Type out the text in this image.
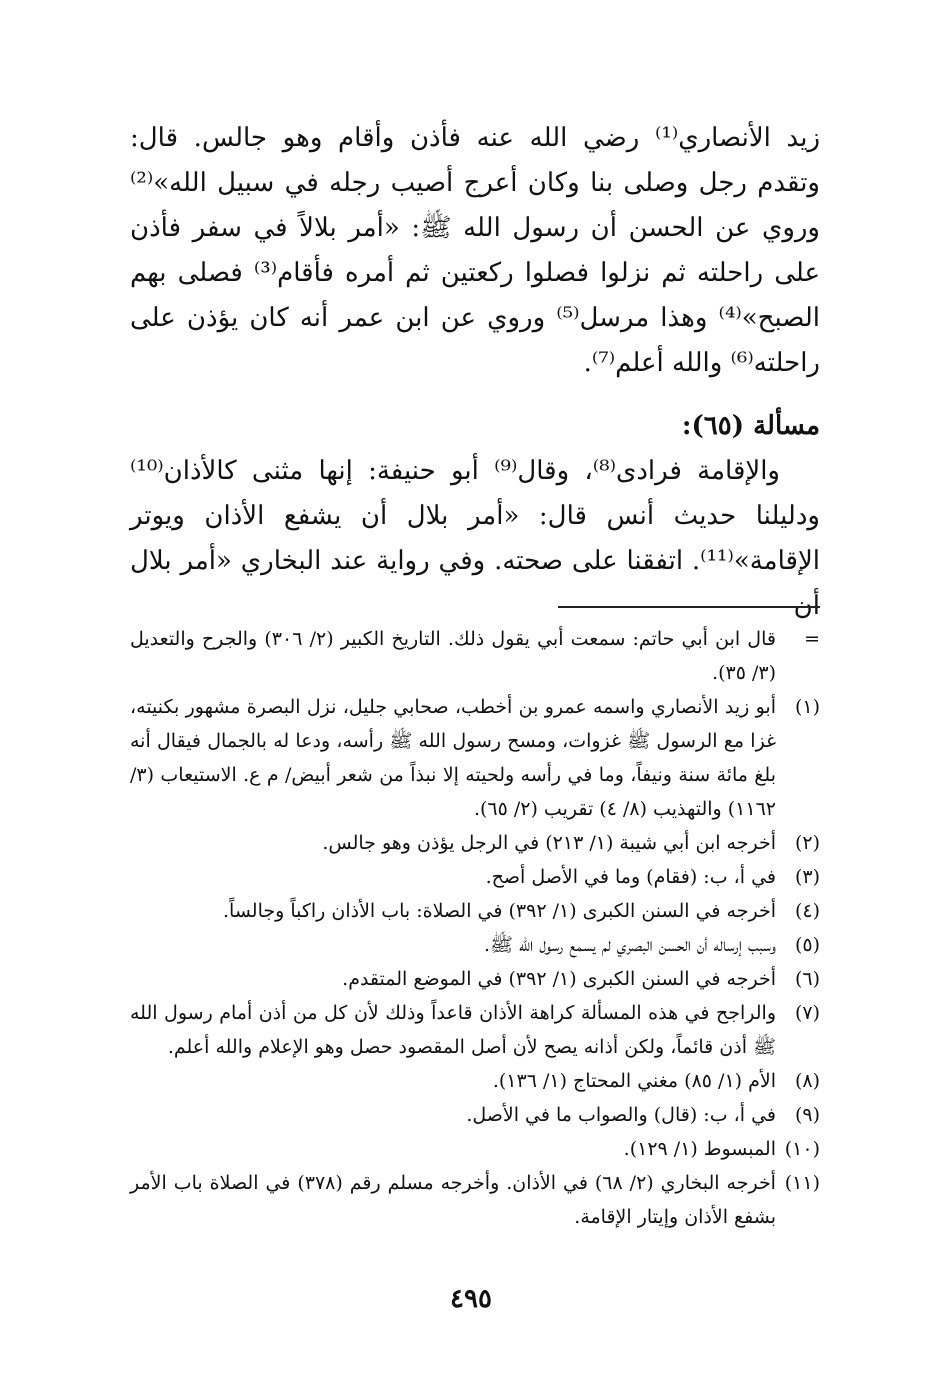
زيد الأنصاري⁽¹⁾ رضي الله عنه فأذن وأقام وهو جالس. قال: وتقدم رجل وصلى بنا وكان أعرج أصيب رجله في سبيل الله»⁽²⁾ وروي عن الحسن أن رسول الله ﷺ: «أمر بلالاً في سفر فأذن على راحلته ثم نزلوا فصلوا ركعتين ثم أمره فأقام⁽³⁾ فصلى بهم الصبح»⁽⁴⁾ وهذا مرسل⁽⁵⁾ وروي عن ابن عمر أنه كان يؤذن على راحلته⁽⁶⁾ والله أعلم⁽⁷⁾.

مسألة (٦٥):

والإقامة فرادى⁽⁸⁾، وقال⁽⁹⁾ أبو حنيفة: إنها مثنى كالأذان⁽¹⁰⁾ ودليلنا حديث أنس قال: «أمر بلال أن يشفع الأذان ويوتر الإقامة»⁽¹¹⁾. اتفقنا على صحته. وفي رواية عند البخاري «أمر بلال أن

=
قال ابن أبي حاتم: سمعت أبي يقول ذلك. التاريخ الكبير (٢/ ٣٠٦) والجرح والتعديل (٣/ ٣٥).
(١)
أبو زيد الأنصاري واسمه عمرو بن أخطب، صحابي جليل، نزل البصرة مشهور بكنيته، غزا مع الرسول ﷺ غزوات، ومسح رسول الله ﷺ رأسه، ودعا له بالجمال فيقال أنه بلغ مائة سنة ونيفاً، وما في رأسه ولحيته إلا نبذاً من شعر أبيض/ م ع. الاستيعاب (٣/ ١١٦٢) والتهذيب (٨/ ٤) تقريب (٢/ ٦٥).
(٢)
أخرجه ابن أبي شيبة (١/ ٢١٣) في الرجل يؤذن وهو جالس.
(٣)
في أ، ب: (فقام) وما في الأصل أصح.
(٤)
أخرجه في السنن الكبرى (١/ ٣٩٢) في الصلاة: باب الأذان راكباً وجالساً.
(٥)
وسبب إرساله أن الحسن البصري لم يسمع رسول الله ﷺ.
(٦)
أخرجه في السنن الكبرى (١/ ٣٩٢) في الموضع المتقدم.
(٧)
والراجح في هذه المسألة كراهة الأذان قاعداً وذلك لأن كل من أذن أمام رسول الله ﷺ أذن قائماً، ولكن أذانه يصح لأن أصل المقصود حصل وهو الإعلام والله أعلم.
(٨)
الأم (١/ ٨٥) مغني المحتاج (١/ ١٣٦).
(٩)
في أ، ب: (قال) والصواب ما في الأصل.
(١٠)
المبسوط (١/ ١٢٩).
(١١)
أخرجه البخاري (٢/ ٦٨) في الأذان. وأخرجه مسلم رقم (٣٧٨) في الصلاة باب الأمر بشفع الأذان وإيتار الإقامة.
٤٩٥
